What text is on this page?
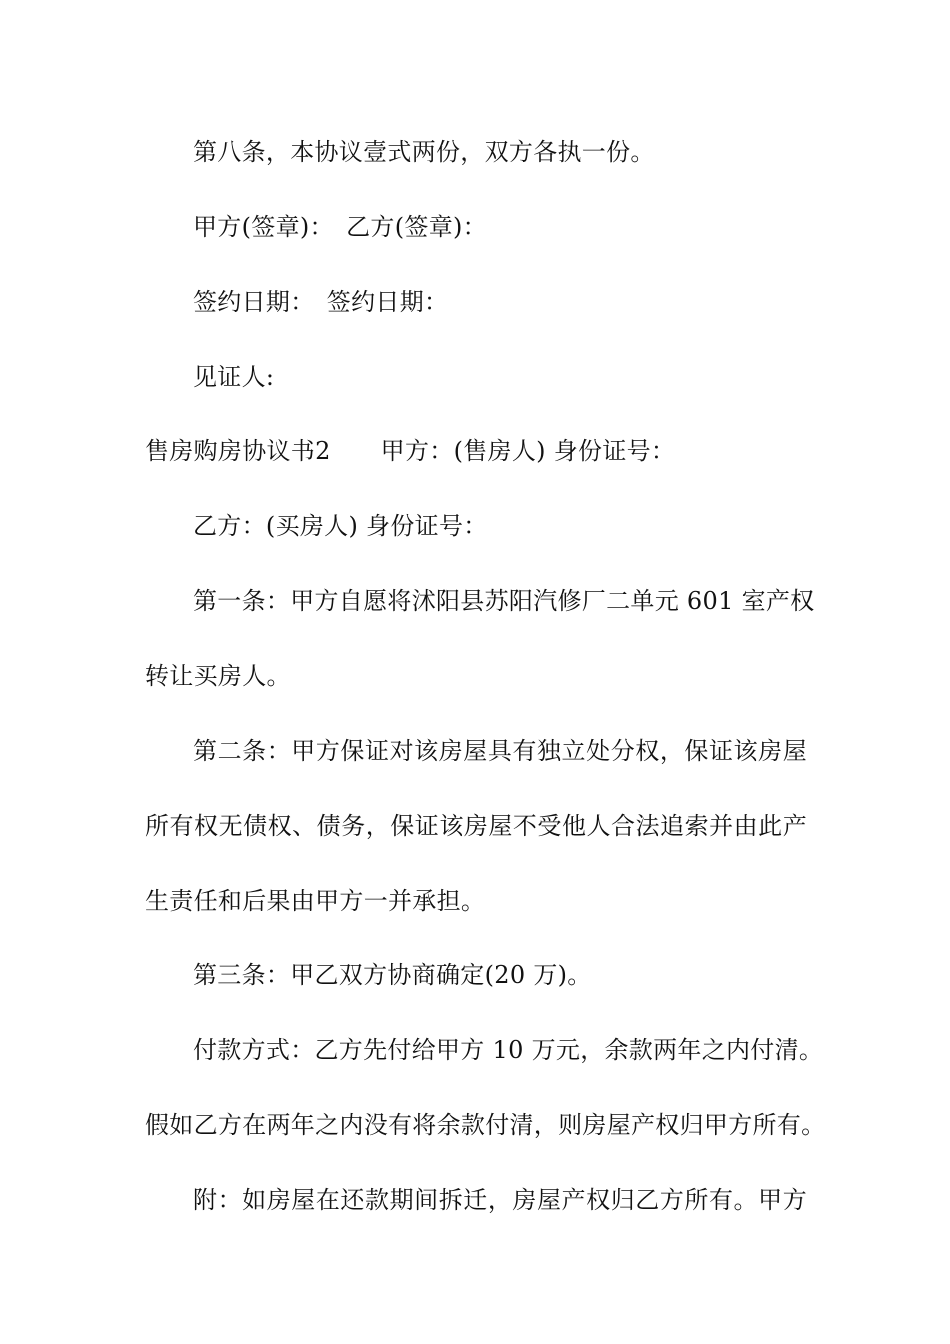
第八条，本协议壹式两份，双方各执一份。
甲方(签章)：　乙方(签章)：
签约日期：　签约日期：
见证人:
售房购房协议书2 甲方：(售房人) 身份证号：
乙方：(买房人) 身份证号：
第一条：甲方自愿将沭阳县苏阳汽修厂二单元 601 室产权
转让买房人。
第二条：甲方保证对该房屋具有独立处分权，保证该房屋
所有权无债权、债务，保证该房屋不受他人合法追索并由此产
生责任和后果由甲方一并承担。
第三条：甲乙双方协商确定(20 万)。
付款方式：乙方先付给甲方 10 万元，余款两年之内付清。
假如乙方在两年之内没有将余款付清，则房屋产权归甲方所有。
附：如房屋在还款期间拆迁，房屋产权归乙方所有。甲方
